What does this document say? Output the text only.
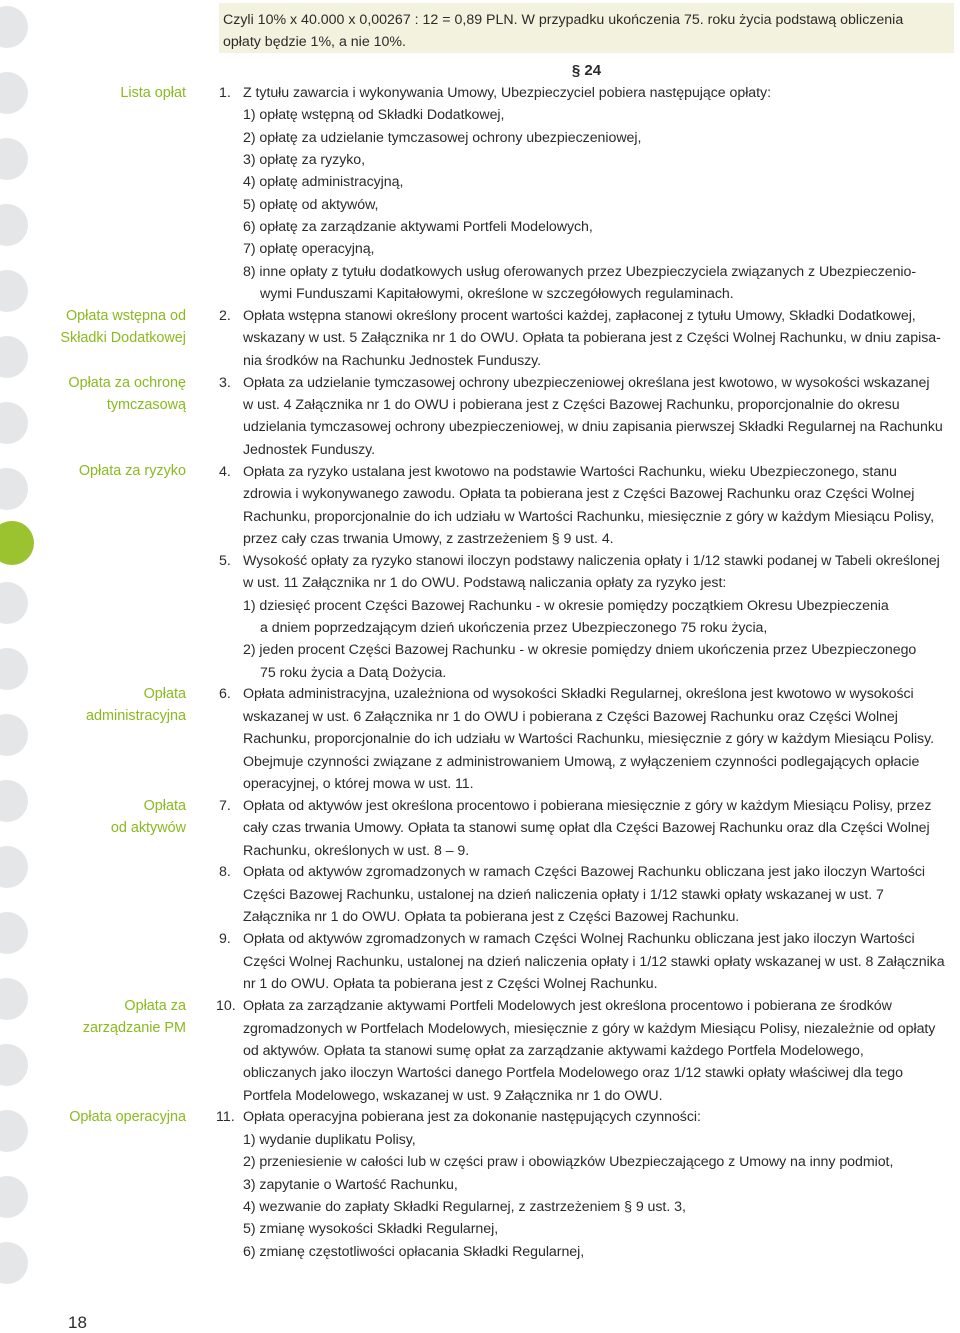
Czyli 10% x 40.000 x 0,00267 : 12 = 0,89 PLN. W przypadku ukończenia 75. roku życia podstawą obliczenia
opłaty będzie 1%, a nie 10%.
§ 24
Lista opłat
Opłata wstępna od
Składki Dodatkowej
Opłata za ochronę
tymczasową
Opłata za ryzyko
Opłata
administracyjna
Opłata
od aktywów
Opłata za
zarządzanie PM
Opłata operacyjna
1.
2.
3.
4.
5.
6.
7.
8.
9.
10.
11.
Z tytułu zawarcia i wykonywania Umowy, Ubezpieczyciel pobiera następujące opłaty:
1) opłatę wstępną od Składki Dodatkowej,
2) opłatę za udzielanie tymczasowej ochrony ubezpieczeniowej,
3) opłatę za ryzyko,
4) opłatę administracyjną,
5) opłatę od aktywów,
6) opłatę za zarządzanie aktywami Portfeli Modelowych,
7) opłatę operacyjną,
8) inne opłaty z tytułu dodatkowych usług oferowanych przez Ubezpieczyciela związanych z Ubezpieczenio-
wymi Funduszami Kapitałowymi, określone w szczegółowych regulaminach.
Opłata wstępna stanowi określony procent wartości każdej, zapłaconej z tytułu Umowy, Składki Dodatkowej,
wskazany w ust. 5 Załącznika nr 1 do OWU. Opłata ta pobierana jest z Części Wolnej Rachunku, w dniu zapisa-
nia środków na Rachunku Jednostek Funduszy.
Opłata za udzielanie tymczasowej ochrony ubezpieczeniowej określana jest kwotowo, w wysokości wskazanej
w ust. 4 Załącznika nr 1 do OWU i pobierana jest z Części Bazowej Rachunku, proporcjonalnie do okresu
udzielania tymczasowej ochrony ubezpieczeniowej, w dniu zapisania pierwszej Składki Regularnej na Rachunku
Jednostek Funduszy.
Opłata za ryzyko ustalana jest kwotowo na podstawie Wartości Rachunku, wieku Ubezpieczonego, stanu
zdrowia i wykonywanego zawodu. Opłata ta pobierana jest z Części Bazowej Rachunku oraz Części Wolnej
Rachunku, proporcjonalnie do ich udziału w Wartości Rachunku, miesięcznie z góry w każdym Miesiącu Polisy,
przez cały czas trwania Umowy, z zastrzeżeniem § 9 ust. 4.
Wysokość opłaty za ryzyko stanowi iloczyn podstawy naliczenia opłaty i 1/12 stawki podanej w Tabeli określonej
w ust. 11 Załącznika nr 1 do OWU. Podstawą naliczania opłaty za ryzyko jest:
1) dziesięć procent Części Bazowej Rachunku - w okresie pomiędzy początkiem Okresu Ubezpieczenia
a dniem poprzedzającym dzień ukończenia przez Ubezpieczonego 75 roku życia,
2) jeden procent Części Bazowej Rachunku - w okresie pomiędzy dniem ukończenia przez Ubezpieczonego
75 roku życia a Datą Dożycia.
Opłata administracyjna, uzależniona od wysokości Składki Regularnej, określona jest kwotowo w wysokości
wskazanej w ust. 6 Załącznika nr 1 do OWU i pobierana z Części Bazowej Rachunku oraz Części Wolnej
Rachunku, proporcjonalnie do ich udziału w Wartości Rachunku, miesięcznie z góry w każdym Miesiącu Polisy.
Obejmuje czynności związane z administrowaniem Umową, z wyłączeniem czynności podlegających opłacie
operacyjnej, o której mowa w ust. 11.
Opłata od aktywów jest określona procentowo i pobierana miesięcznie z góry w każdym Miesiącu Polisy, przez
cały czas trwania Umowy. Opłata ta stanowi sumę opłat dla Części Bazowej Rachunku oraz dla Części Wolnej
Rachunku, określonych w ust. 8 – 9.
Opłata od aktywów zgromadzonych w ramach Części Bazowej Rachunku obliczana jest jako iloczyn Wartości
Części Bazowej Rachunku, ustalonej na dzień naliczenia opłaty i 1/12 stawki opłaty wskazanej w ust. 7
Załącznika nr 1 do OWU. Opłata ta pobierana jest z Części Bazowej Rachunku.
Opłata od aktywów zgromadzonych w ramach Części Wolnej Rachunku obliczana jest jako iloczyn Wartości
Części Wolnej Rachunku, ustalonej na dzień naliczenia opłaty i 1/12 stawki opłaty wskazanej w ust. 8 Załącznika
nr 1 do OWU. Opłata ta pobierana jest z Części Wolnej Rachunku.
Opłata za zarządzanie aktywami Portfeli Modelowych jest określona procentowo i pobierana ze środków
zgromadzonych w Portfelach Modelowych, miesięcznie z góry w każdym Miesiącu Polisy, niezależnie od opłaty
od aktywów. Opłata ta stanowi sumę opłat za zarządzanie aktywami każdego Portfela Modelowego,
obliczanych jako iloczyn Wartości danego Portfela Modelowego oraz 1/12 stawki opłaty właściwej dla tego
Portfela Modelowego, wskazanej w ust. 9 Załącznika nr 1 do OWU.
Opłata operacyjna pobierana jest za dokonanie następujących czynności:
1) wydanie duplikatu Polisy,
2) przeniesienie w całości lub w części praw i obowiązków Ubezpieczającego z Umowy na inny podmiot,
3) zapytanie o Wartość Rachunku,
4) wezwanie do zapłaty Składki Regularnej, z zastrzeżeniem § 9 ust. 3,
5) zmianę wysokości Składki Regularnej,
6) zmianę częstotliwości opłacania Składki Regularnej,
18
